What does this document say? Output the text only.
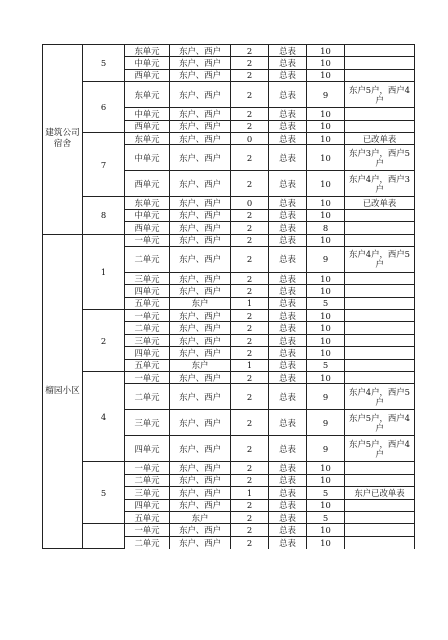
建筑公司宿舍	5	东单元	东户、西户	2	总表	10	
		中单元	东户、西户	2	总表	10	
		西单元	东户、西户	2	总表	10	
	6	东单元	东户、西户	2	总表	9	东户5户，西户4户
		中单元	东户、西户	2	总表	10	
		西单元	东户、西户	2	总表	10	
	7	东单元	东户、西户	0	总表	10	已改单表
		中单元	东户、西户	2	总表	10	东户3户，西户5户
		西单元	东户、西户	2	总表	10	东户4户，西户3户
	8	东单元	东户、西户	0	总表	10	已改单表
		中单元	东户、西户	2	总表	10	
		西单元	东户、西户	2	总表	8	
榴园小区	1	一单元	东户、西户	2	总表	10	
		二单元	东户、西户	2	总表	9	东户4户，西户5户
		三单元	东户、西户	2	总表	10	
		四单元	东户、西户	2	总表	10	
		五单元	东户	1	总表	5	
	2	一单元	东户、西户	2	总表	10	
		二单元	东户、西户	2	总表	10	
		三单元	东户、西户	2	总表	10	
		四单元	东户、西户	2	总表	10	
		五单元	东户	1	总表	5	
	4	一单元	东户、西户	2	总表	10	
		二单元	东户、西户	2	总表	9	东户4户，西户5户
		三单元	东户、西户	2	总表	9	东户5户，西户4户
		四单元	东户、西户	2	总表	9	东户5户，西户4户
	5	一单元	东户、西户	2	总表	10	
		二单元	东户、西户	2	总表	10	
		三单元	东户、西户	1	总表	5	东户已改单表
		四单元	东户、西户	2	总表	10	
		五单元	东户	2	总表	5	
		一单元	东户、西户	2	总表	10	
		二单元	东户、西户	2	总表	10	
